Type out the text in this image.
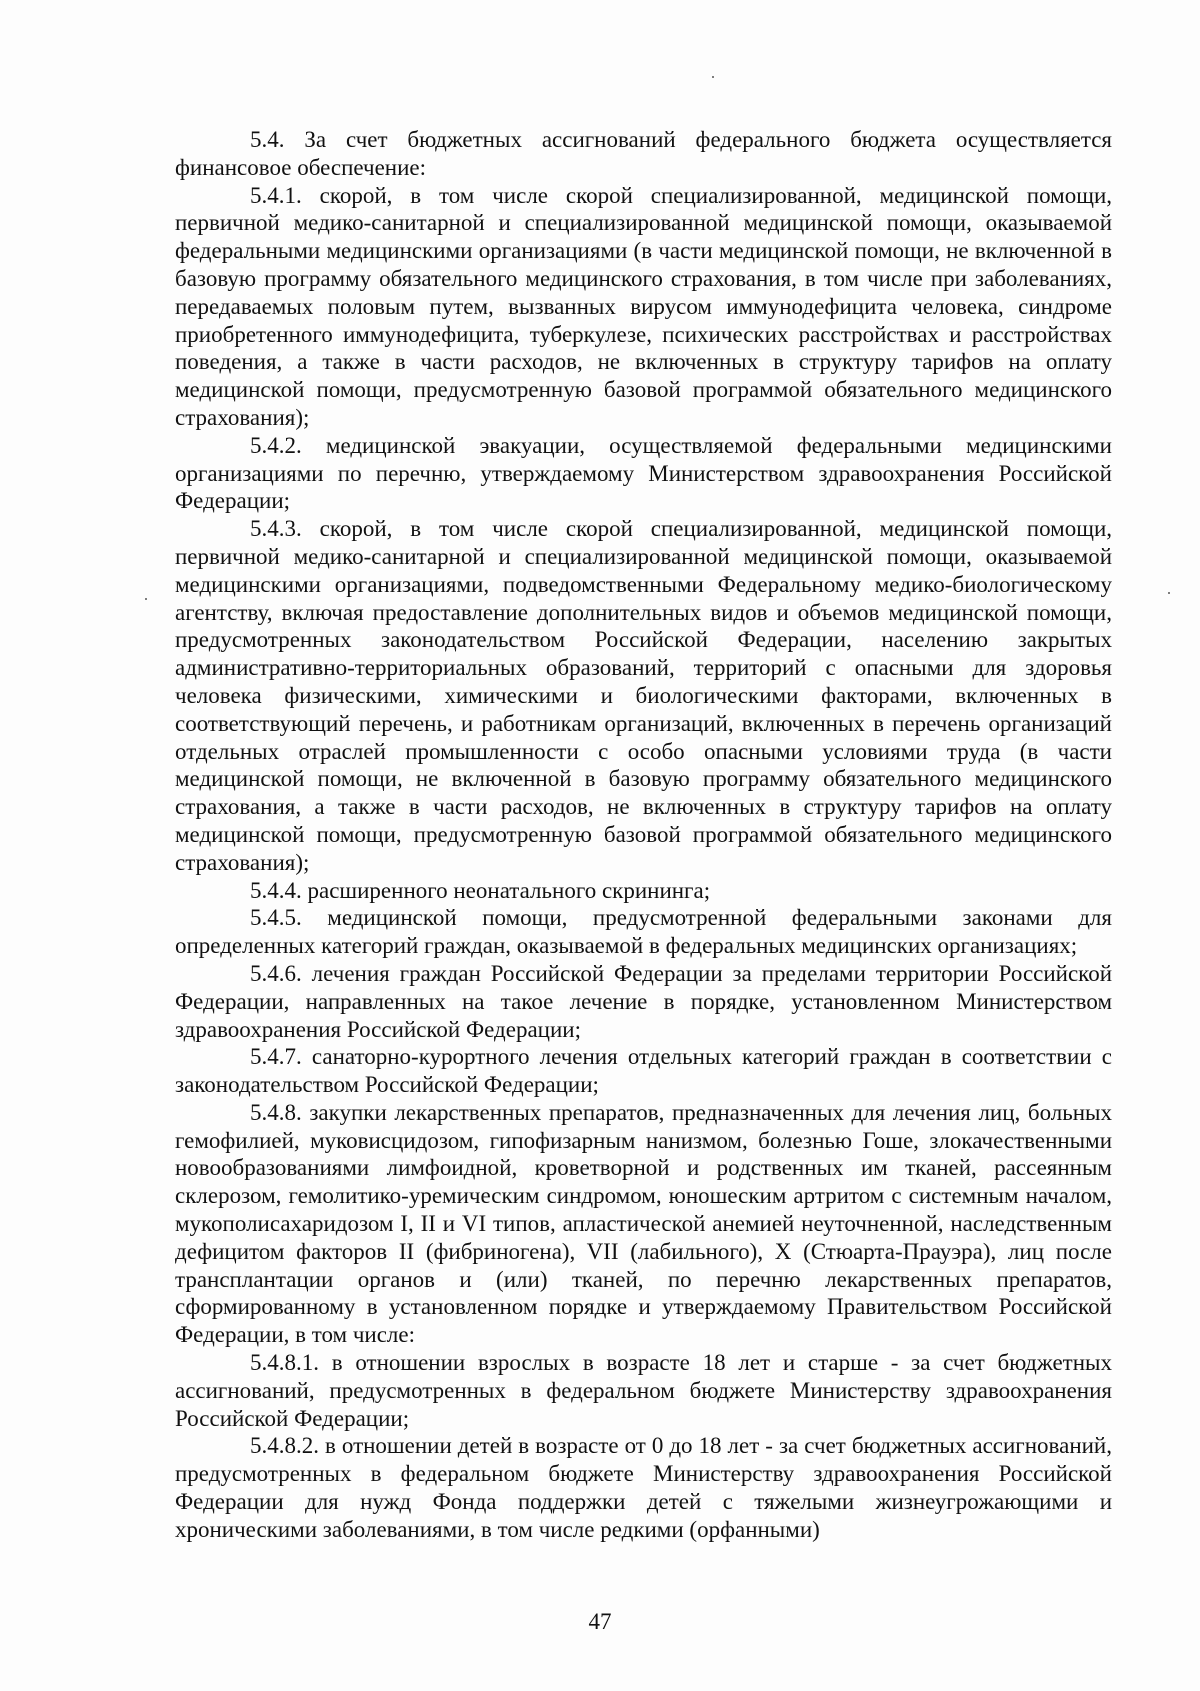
5.4. За счет бюджетных ассигнований федерального бюджета осуществляется финансовое обеспечение:

5.4.1. скорой, в том числе скорой специализированной, медицинской помощи, первичной медико-санитарной и специализированной медицинской помощи, оказываемой федеральными медицинскими организациями (в части медицинской помощи, не включенной в базовую программу обязательного медицинского страхования, в том числе при заболеваниях, передаваемых половым путем, вызванных вирусом иммунодефицита человека, синдроме приобретенного иммунодефицита, туберкулезе, психических расстройствах и расстройствах поведения, а также в части расходов, не включенных в структуру тарифов на оплату медицинской помощи, предусмотренную базовой программой обязательного медицинского страхования);

5.4.2. медицинской эвакуации, осуществляемой федеральными медицинскими организациями по перечню, утверждаемому Министерством здравоохранения Российской Федерации;

5.4.3. скорой, в том числе скорой специализированной, медицинской помощи, первичной медико-санитарной и специализированной медицинской помощи, оказываемой медицинскими организациями, подведомственными Федеральному медико-биологическому агентству, включая предоставление дополнительных видов и объемов медицинской помощи, предусмотренных законодательством Российской Федерации, населению закрытых административно-территориальных образований, территорий с опасными для здоровья человека физическими, химическими и биологическими факторами, включенных в соответствующий перечень, и работникам организаций, включенных в перечень организаций отдельных отраслей промышленности с особо опасными условиями труда (в части медицинской помощи, не включенной в базовую программу обязательного медицинского страхования, а также в части расходов, не включенных в структуру тарифов на оплату медицинской помощи, предусмотренную базовой программой обязательного медицинского страхования);

5.4.4. расширенного неонатального скрининга;

5.4.5. медицинской помощи, предусмотренной федеральными законами для определенных категорий граждан, оказываемой в федеральных медицинских организациях;

5.4.6. лечения граждан Российской Федерации за пределами территории Российской Федерации, направленных на такое лечение в порядке, установленном Министерством здравоохранения Российской Федерации;

5.4.7. санаторно-курортного лечения отдельных категорий граждан в соответствии с законодательством Российской Федерации;

5.4.8. закупки лекарственных препаратов, предназначенных для лечения лиц, больных гемофилией, муковисцидозом, гипофизарным нанизмом, болезнью Гоше, злокачественными новообразованиями лимфоидной, кроветворной и родственных им тканей, рассеянным склерозом, гемолитико-уремическим синдромом, юношеским артритом с системным началом, мукополисахаридозом I, II и VI типов, апластической анемией неуточненной, наследственным дефицитом факторов II (фибриногена), VII (лабильного), X (Стюарта-Прауэра), лиц после трансплантации органов и (или) тканей, по перечню лекарственных препаратов, сформированному в установленном порядке и утверждаемому Правительством Российской Федерации, в том числе:

5.4.8.1. в отношении взрослых в возрасте 18 лет и старше - за счет бюджетных ассигнований, предусмотренных в федеральном бюджете Министерству здравоохранения Российской Федерации;

5.4.8.2. в отношении детей в возрасте от 0 до 18 лет - за счет бюджетных ассигнований, предусмотренных в федеральном бюджете Министерству здравоохранения Российской Федерации для нужд Фонда поддержки детей с тяжелыми жизнеугрожающими и хроническими заболеваниями, в том числе редкими (орфанными)

47
